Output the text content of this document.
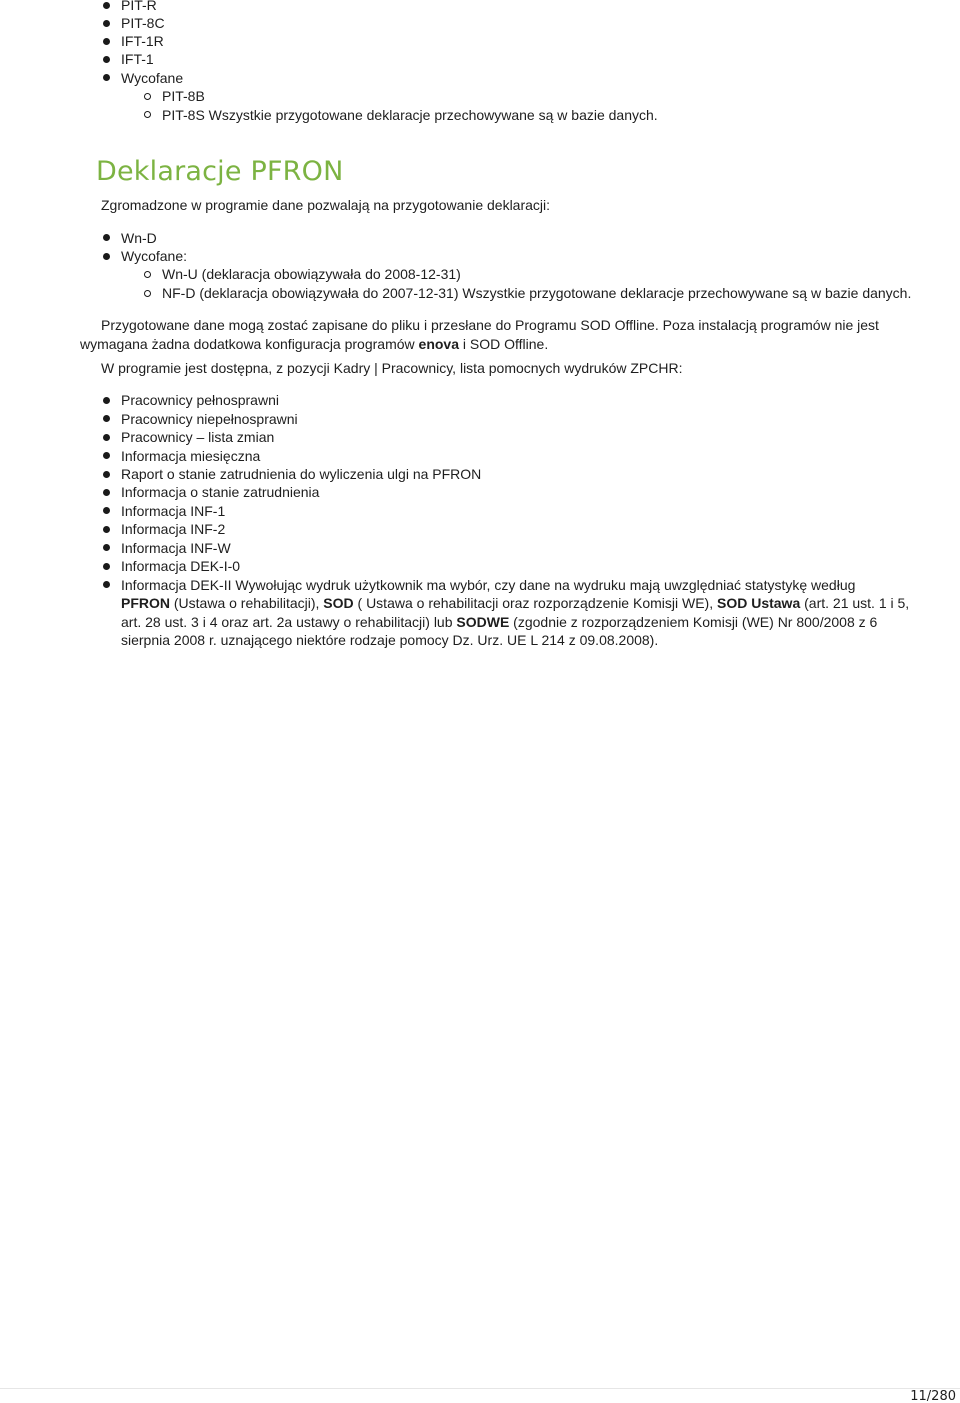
PIT-R
PIT-8C
IFT-1R
IFT-1
Wycofane
PIT-8B
PIT-8S Wszystkie przygotowane deklaracje przechowywane są w bazie danych.
Deklaracje PFRON
Zgromadzone w programie dane pozwalają na przygotowanie deklaracji:
Wn-D
Wycofane:
Wn-U (deklaracja obowiązywała do 2008-12-31)
NF-D (deklaracja obowiązywała do 2007-12-31) Wszystkie przygotowane deklaracje przechowywane są w bazie danych.
Przygotowane dane mogą zostać zapisane do pliku i przesłane do Programu SOD Offline. Poza instalacją programów nie jest
wymagana żadna dodatkowa konfiguracja programów enova i SOD Offline.
W programie jest dostępna, z pozycji Kadry | Pracownicy, lista pomocnych wydruków ZPCHR:
Pracownicy pełnosprawni
Pracownicy niepełnosprawni
Pracownicy – lista zmian
Informacja miesięczna
Raport o stanie zatrudnienia do wyliczenia ulgi na PFRON
Informacja o stanie zatrudnienia
Informacja INF-1
Informacja INF-2
Informacja INF-W
Informacja DEK-I-0
Informacja DEK-II Wywołując wydruk użytkownik ma wybór, czy dane na wydruku mają uwzględniać statystykę według
PFRON (Ustawa o rehabilitacji), SOD ( Ustawa o rehabilitacji oraz rozporządzenie Komisji WE), SOD Ustawa (art. 21 ust. 1 i 5,
art. 28 ust. 3 i 4 oraz art. 2a ustawy o rehabilitacji) lub SODWE (zgodnie z rozporządzeniem Komisji (WE) Nr 800/2008 z 6
sierpnia 2008 r. uznającego niektóre rodzaje pomocy Dz. Urz. UE L 214 z 09.08.2008).
11/280
